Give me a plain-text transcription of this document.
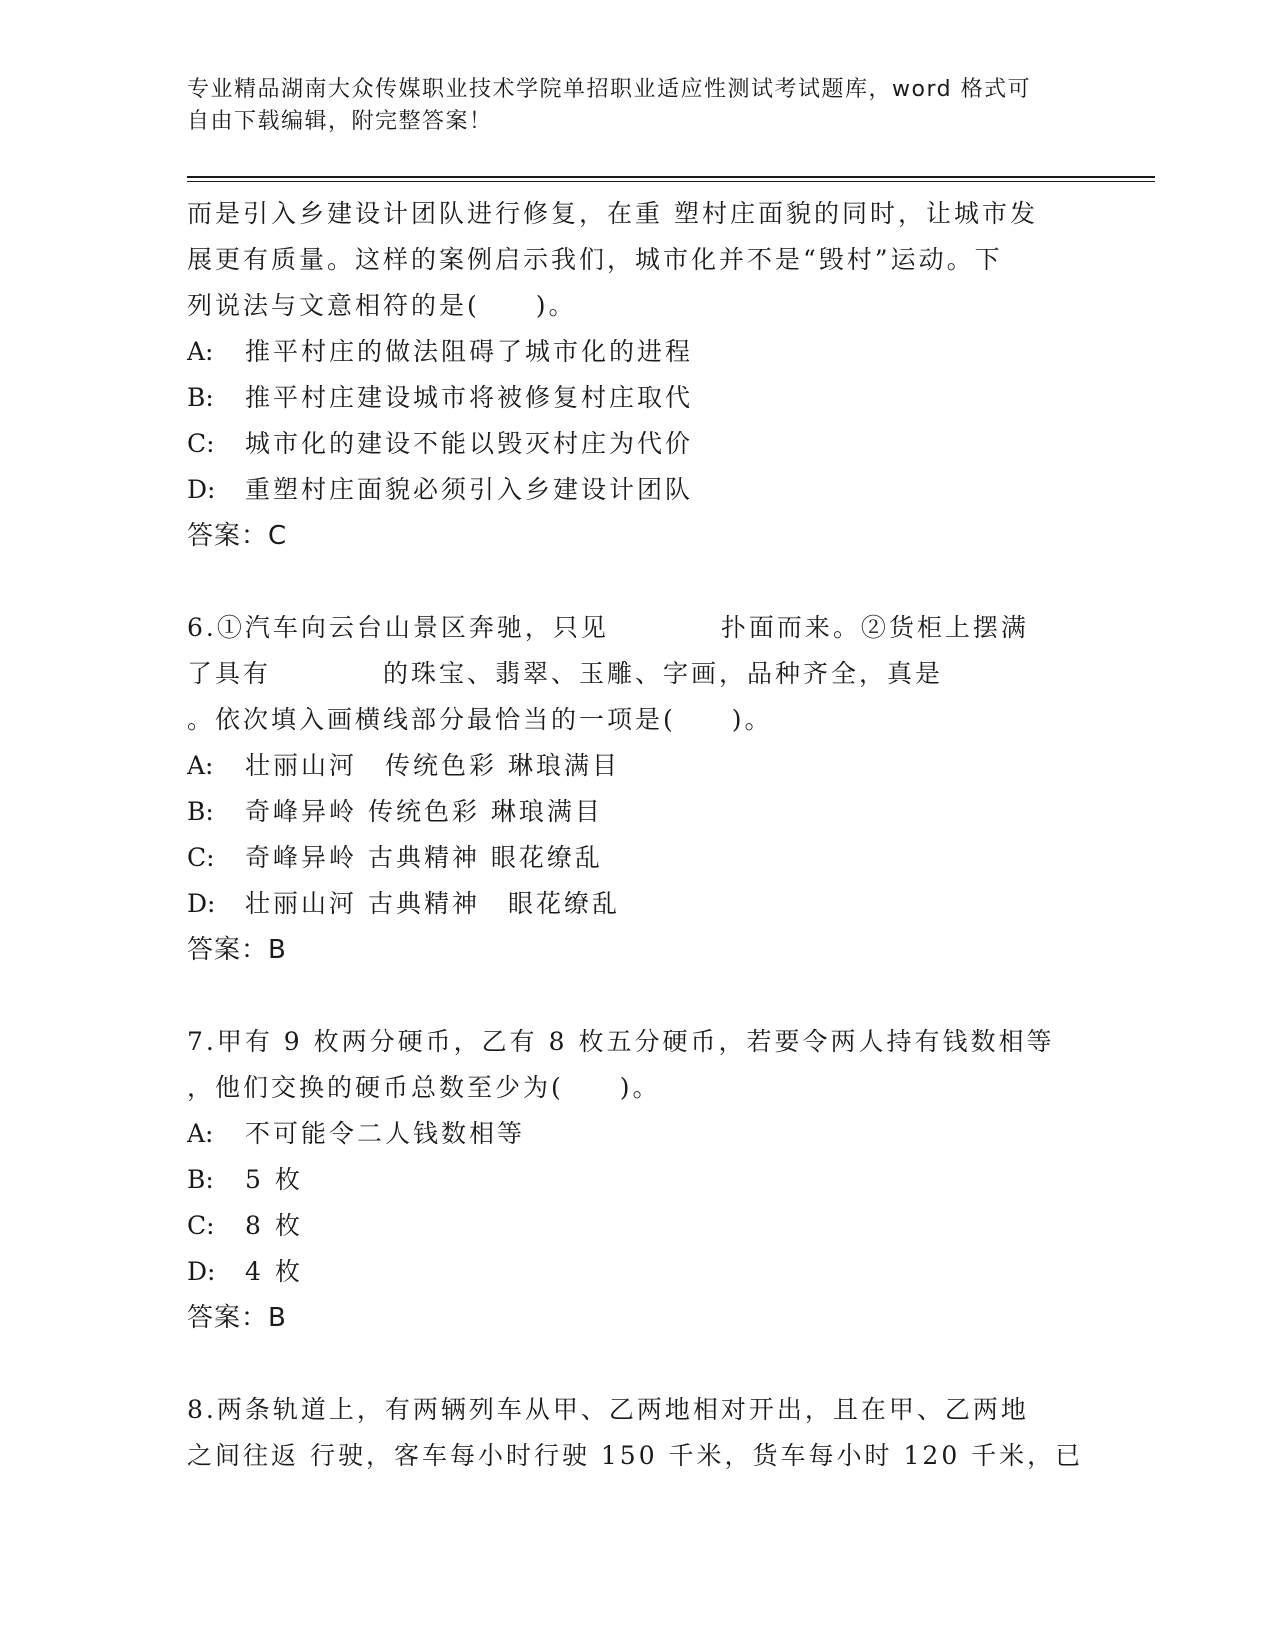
专业精品湖南大众传媒职业技术学院单招职业适应性测试考试题库，word 格式可
自由下载编辑，附完整答案！
而是引入乡建设计团队进行修复，在重 塑村庄面貌的同时，让城市发
展更有质量。这样的案例启示我们，城市化并不是“毁村”运动。下
列说法与文意相符的是(　　)。
A: 推平村庄的做法阻碍了城市化的进程
B: 推平村庄建设城市将被修复村庄取代
C: 城市化的建设不能以毁灭村庄为代价
D: 重塑村庄面貌必须引入乡建设计团队
答案：C
6.①汽车向云台山景区奔驰，只见　　　　扑面而来。②货柜上摆满
了具有　　　　的珠宝、翡翠、玉雕、字画，品种齐全，真是
。依次填入画横线部分最恰当的一项是(　　)。
A: 壮丽山河　传统色彩 琳琅满目
B: 奇峰异岭 传统色彩 琳琅满目
C: 奇峰异岭 古典精神 眼花缭乱
D: 壮丽山河 古典精神　眼花缭乱
答案：B
7.甲有 9 枚两分硬币，乙有 8 枚五分硬币，若要令两人持有钱数相等
，他们交换的硬币总数至少为(　　)。
A: 不可能令二人钱数相等
B: 5 枚
C: 8 枚
D: 4 枚
答案：B
8.两条轨道上，有两辆列车从甲、乙两地相对开出，且在甲、乙两地
之间往返 行驶，客车每小时行驶 150 千米，货车每小时 120 千米，已
